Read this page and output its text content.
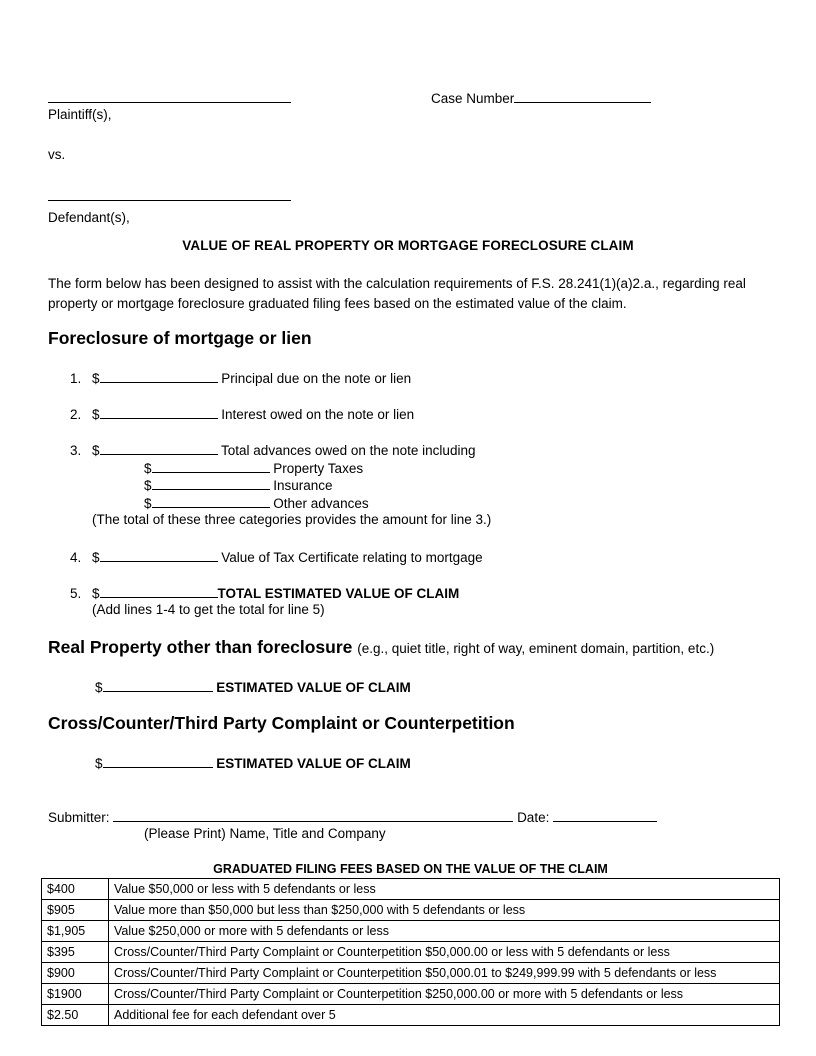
Case Number
Plaintiff(s),
vs.
Defendant(s),
VALUE OF REAL PROPERTY OR MORTGAGE FORECLOSURE CLAIM
The form below has been designed to assist with the calculation requirements of F.S. 28.241(1)(a)2.a., regarding real property or mortgage foreclosure graduated filing fees based on the estimated value of the claim.
Foreclosure of mortgage or lien
1. $	Principal due on the note or lien
2. $	Interest owed on the note or lien
3. $	Total advances owed on the note including
$	Property Taxes
$	Insurance
$	Other advances
(The total of these three categories provides the amount for line 3.)
4. $	Value of Tax Certificate relating to mortgage
5. $	TOTAL ESTIMATED VALUE OF CLAIM
(Add lines 1-4 to get the total for line 5)
Real Property other than foreclosure (e.g., quiet title, right of way, eminent domain, partition, etc.)
$	ESTIMATED VALUE OF CLAIM
Cross/Counter/Third Party Complaint or Counterpetition
$	ESTIMATED VALUE OF CLAIM
Submitter:	Date:
(Please Print) Name, Title and Company
GRADUATED FILING FEES BASED ON THE VALUE OF THE CLAIM
$400	Value $50,000 or less with 5 defendants or less
$905	Value more than $50,000 but less than $250,000 with 5 defendants or less
$1,905	Value $250,000 or more with 5 defendants or less
$395	Cross/Counter/Third Party Complaint or Counterpetition $50,000.00 or less with 5 defendants or less
$900	Cross/Counter/Third Party Complaint or Counterpetition $50,000.01 to $249,999.99 with 5 defendants or less
$1900	Cross/Counter/Third Party Complaint or Counterpetition $250,000.00 or more with 5 defendants or less
$2.50	Additional fee for each defendant over 5
